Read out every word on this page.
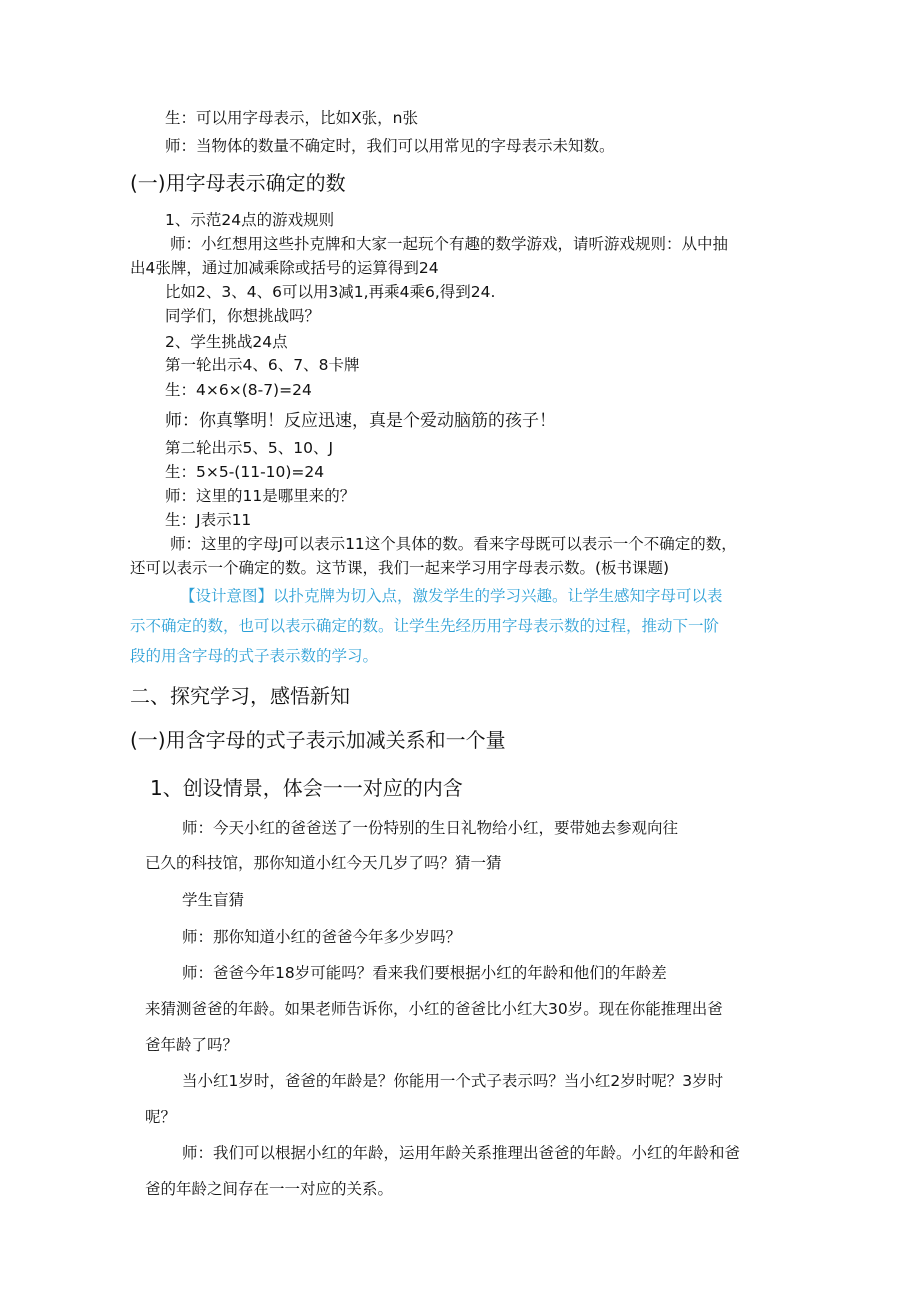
生：可以用字母表示，比如X张，n张
师：当物体的数量不确定时，我们可以用常见的字母表示未知数。
(一)用字母表示确定的数
1、示范24点的游戏规则
师：小红想用这些扑克牌和大家一起玩个有趣的数学游戏，请听游戏规则：从中抽
出4张牌，通过加减乘除或括号的运算得到24
比如2、3、4、6可以用3减1,再乘4乘6,得到24.
同学们，你想挑战吗？
2、学生挑战24点
第一轮出示4、6、7、8卡牌
生：4×6×(8-7)=24
师：你真擎明！反应迅速，真是个爱动脑筋的孩子！
第二轮出示5、5、10、J
生：5×5-(11-10)=24
师：这里的11是哪里来的？
生：J表示11
师：这里的字母J可以表示11这个具体的数。看来字母既可以表示一个不确定的数，
还可以表示一个确定的数。这节课，我们一起来学习用字母表示数。(板书课题)
【设计意图】以扑克牌为切入点，激发学生的学习兴趣。让学生感知字母可以表
示不确定的数，也可以表示确定的数。让学生先经历用字母表示数的过程，推动下一阶
段的用含字母的式子表示数的学习。
二、探究学习，感悟新知
(一)用含字母的式子表示加减关系和一个量
1、创设情景，体会一一对应的内含
师：今天小红的爸爸送了一份特别的生日礼物给小红，要带她去参观向往
已久的科技馆，那你知道小红今天几岁了吗？猜一猜
学生盲猜
师：那你知道小红的爸爸今年多少岁吗？
师：爸爸今年18岁可能吗？看来我们要根据小红的年龄和他们的年龄差
来猜测爸爸的年龄。如果老师告诉你，小红的爸爸比小红大30岁。现在你能推理出爸
爸年龄了吗？
当小红1岁时，爸爸的年龄是？你能用一个式子表示吗？当小红2岁时呢？3岁时
呢？
师：我们可以根据小红的年龄，运用年龄关系推理出爸爸的年龄。小红的年龄和爸
爸的年龄之间存在一一对应的关系。
